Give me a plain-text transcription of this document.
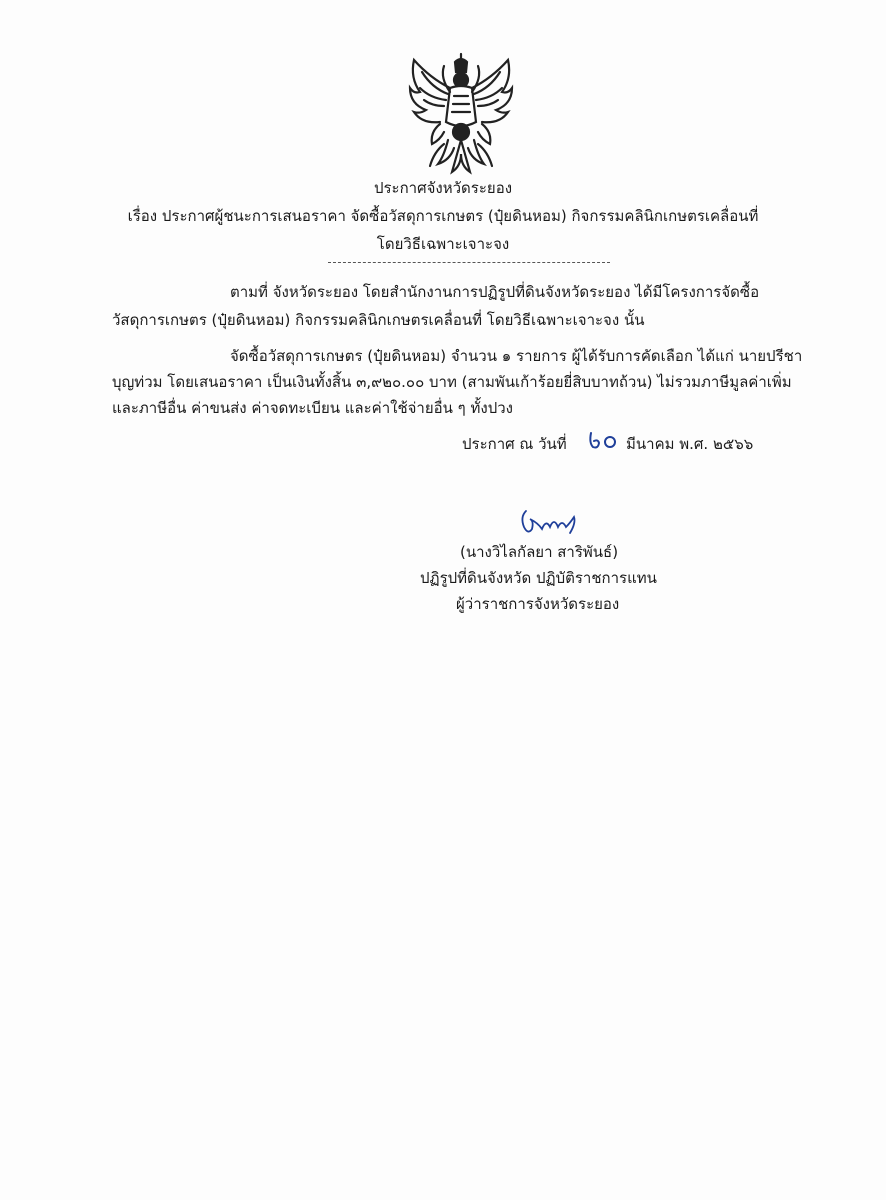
ประกาศจังหวัดระยอง
เรื่อง ประกาศผู้ชนะการเสนอราคา จัดซื้อวัสดุการเกษตร (ปุ๋ยดินหอม) กิจกรรมคลินิกเกษตรเคลื่อนที่
โดยวิธีเฉพาะเจาะจง
ตามที่ จังหวัดระยอง โดยสำนักงานการปฏิรูปที่ดินจังหวัดระยอง ได้มีโครงการจัดซื้อ
วัสดุการเกษตร (ปุ๋ยดินหอม) กิจกรรมคลินิกเกษตรเคลื่อนที่ โดยวิธีเฉพาะเจาะจง นั้น
จัดซื้อวัสดุการเกษตร (ปุ๋ยดินหอม) จำนวน ๑ รายการ ผู้ได้รับการคัดเลือก ได้แก่ นายปรีชา
บุญท่วม โดยเสนอราคา เป็นเงินทั้งสิ้น ๓,๙๒๐.๐๐ บาท (สามพันเก้าร้อยยี่สิบบาทถ้วน) ไม่รวมภาษีมูลค่าเพิ่ม
และภาษีอื่น ค่าขนส่ง ค่าจดทะเบียน และค่าใช้จ่ายอื่น ๆ ทั้งปวง
ประกาศ ณ วันที่	มีนาคม พ.ศ. ๒๕๖๖
(นางวิไลกัลยา สาริพันธ์)
ปฏิรูปที่ดินจังหวัด ปฏิบัติราชการแทน
ผู้ว่าราชการจังหวัดระยอง
